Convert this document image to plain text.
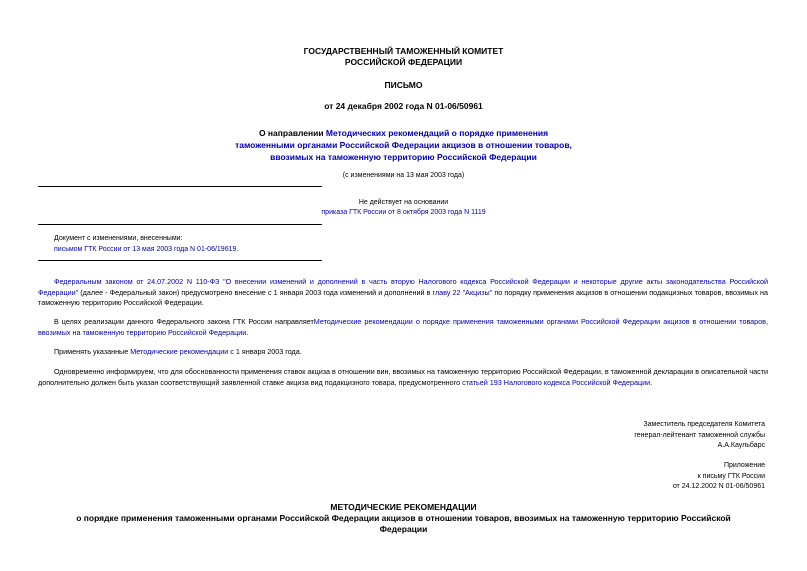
ГОСУДАРСТВЕННЫЙ ТАМОЖЕННЫЙ КОМИТЕТ
РОССИЙСКОЙ ФЕДЕРАЦИИ
ПИСЬМО
от 24 декабря 2002 года N 01-06/50961
О направлении Методических рекомендаций о порядке применения
таможенными органами Российской Федерации акцизов в отношении товаров,
ввозимых на таможенную территорию Российской Федерации
(с изменениями на 13 мая 2003 года)
Не действует на основании
приказа ГТК России от 8 октября 2003 года N 1119
Документ с изменениями, внесенными:
письмом ГТК России от 13 мая 2003 года N 01-06/19619.
Федеральным законом от 24.07.2002 N 110-ФЗ "О внесении изменений и дополнений в часть вторую Налогового кодекса Российской Федерации и некоторые другие акты законодательства Российской Федерации" (далее - Федеральный закон) предусмотрено внесение с 1 января 2003 года изменений и дополнений в главу 22 "Акцизы" по порядку применения акцизов в отношении подакцизных товаров, ввозимых на таможенную территорию Российской Федерации.
В целях реализации данного Федерального закона ГТК России направляетМетодические рекомендации о порядке применения таможенными органами Российской Федерации акцизов в отношении товаров, ввозимых на таможенную территорию Российской Федерации.
Применять указанные Методические рекомендации с 1 января 2003 года.
Одновременно информируем, что для обоснованности применения ставок акциза в отношении вин, ввозимых на таможенную территорию Российской Федерации, в таможенной декларации в описательной части дополнительно должен быть указан соответствующий заявленной ставке акциза вид подакцизного товара, предусмотренного статьей 193 Налогового кодекса Российской Федерации.
Заместитель председателя Комитета
генерал-лейтенант таможенной службы
А.А.Каульбарс
Приложение
к письму ГТК России
от 24.12.2002 N 01-06/50961
МЕТОДИЧЕСКИЕ РЕКОМЕНДАЦИИ
о порядке применения таможенными органами Российской Федерации акцизов в отношении товаров, ввозимых на таможенную территорию Российской
Федерации
